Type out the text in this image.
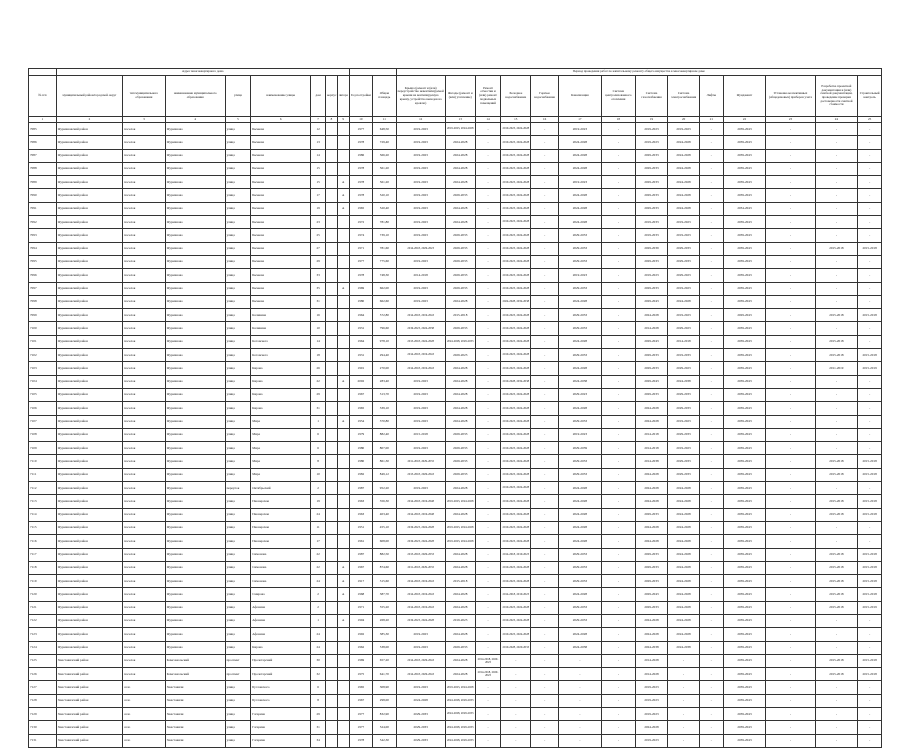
	Адрес многоквартирного дома										Период проведения работ по капитальному ремонту общего имущества в многоквартирном доме													
№ п/п	муниципальный район/городской округ	тип муниципального образования	наименование муниципального образования	улица	наименование улицы	дом	корпус	литера	Год постройки	Общая площадь	Крыша (ремонт и (или) переустройство невентилируемой крыши на вентилируемую крышу, устройство выходов на кровлю)	Фасады (ремонт и (или) утепление)	Ремонт отмостки и (или) ремонт подвальных помещений	Холодное водоснабжение	Горячее водоснабжение	Канализация	Система централизованного отопления	Система газоснабжения	Система электроснабжения	Лифты	Фундамент	Установка коллективных (общедомовых) приборов учета	Разработка проектной документации и (или) сметной документации, проведение проверки достоверности сметной стоимости	Строительный контроль
1	2	3	4	5	6	7	8	9	10	11	12	13	14	15	16	17	18	19	20	21	22	23	24	25
7085	Фурмановский район	поселок	Фурманово	улица	Бычкова	12			1977	648,50	2019-2023	2019-2023, 2024-2028	-	2019-2023, 2024-2028	-	2019-2023	-	2019-2023	2019-2023	-	2039-2043	-	-	-
7086	Фурмановский район	поселок	Фурманово	улица	Бычкова	13			1978	729,40	2019-2023	2024-2028	-	2019-2023, 2024-2028	-	2024-2028	-	2019-2023	2024-2028	-	2039-2043	-	-	-
7087	Фурмановский район	поселок	Фурманово	улица	Бычкова	14			1986	566,20	2019-2023	2024-2028	-	2019-2023, 2024-2028	-	2024-2028	-	2029-2033	2024-2028	-	2039-2043	-	-	-
7088	Фурмановский район	поселок	Фурманово	улица	Бычкова	15			1978	561,20	2019-2023	2024-2028	-	2019-2023, 2024-2028	-	2024-2028	-	2029-2033	2024-2028	-	2039-2043	-	-	-
7089	Фурмановский район	поселок	Фурманово	улица	Бычкова	15		А	1978	561,20	2019-2023	2024-2028	-	2019-2023, 2024-2028	-	2019-2023	-	2029-2033	2024-2028	-	2039-2043	-	-	-
7090	Фурмановский район	поселок	Фурманово	улица	Бычкова	17		А	1978	520,10	2019-2023	2029-2033	-	2019-2023, 2024-2028	-	2024-2028	-	2029-2033	2024-2028	-	2039-2043	-	-	-
7091	Фурмановский район	поселок	Фурманово	улица	Бычкова	19		А	1965	520,40	2019-2023	2024-2028	-	2019-2023, 2024-2028	-	2024-2028	-	2029-2033	2024-2028	-	2034-2043	-	-	-
7092	Фурмановский район	поселок	Фурманово	улица	Бычкова	23			1972	781,80	2019-2023	2024-2028	-	2019-2023, 2024-2028	-	2024-2028	-	2019-2033	2019-2023	-	2039-2043	-	-	-
7093	Фурмановский район	поселок	Фурманово	улица	Бычкова	25			1974	739,10	2019-2023	2029-2033	-	2019-2023, 2024-2028	-	2029-2033	-	2019-2033	2019-2023	-	2039-2043	-	-	-
7094	Фурмановский район	поселок	Фурманово	улица	Бычкова	27			1971	781,60	2014-2018, 2029-2023	2029-2033	-	2019-2023, 2024-2028	-	2029-2033	-	2029-2039	2029-2033	-	2039-2043	-	2015-2018	2015-2018
7095	Фурмановский район	поселок	Фурманово	улица	Бычкова	29			1977	775,60	2019-2023	2029-2033	-	2019-2023, 2024-2028	-	2029-2033	-	2029-2033	2029-2033	-	2039-2043	-	-	-
7096	Фурмановский район	поселок	Фурманово	улица	Бычкова	33			1978	748,30	2014-2018	2029-2033	-	2019-2023, 2024-2028	-	2019-2023	-	2019-2023	2029-2023	-	2039-2043	-	-	-
7097	Фурмановский район	поселок	Фурманово	улица	Бычкова	35		А	1969	662,00	2019-2023	2029-2033	-	2019-2023, 2024-2028	-	2029-2033	-	2029-2033	2019-2023	-	2039-2043	-	-	-
7098	Фурмановский район	поселок	Фурманово	улица	Бычкова	31			1980	662,60	2019-2023	2024-2028	-	2024-2028, 2034-2038	-	2024-2028	-	2029-2043	2024-2028	-	2039-2043	-	-	-
7099	Фурмановский район	поселок	Фурманово	улица	Калинина	16			1964	572,80	2014-2018, 2019-2043	2015-2018	-	2019-2023, 2024-2028	-	2029-2033	-	2024-2028	2019-2023	-	2029-2043	-	2015-2018	2015-2018
7100	Фурмановский район	поселок	Фурманово	улица	Калинина	10			1931	796,60	2019-2023, 2024-2038	2029-2033	-	2019-2023, 2024-2028	-	2029-2033	-	2014-2028	2029-2023	-	2039-2043	-	-	-
7101	Фурмановский район	поселок	Фурманово	улица	Котовского	14			1964	978,10	2015-2018, 2024-2028	2024-2028, 2029-2033	-	2019-2023, 2024-2028	-	2024-2028	-	2029-2043	2014-2018	-	2039-2043	-	2015-2018	-
7102	Фурмановский район	поселок	Фурманово	улица	Котовского	18			1931	294,40	2014-2018, 2019-2043	2029-2023	-	2019-2023, 2024-2028	-	2029-2033	-	2029-2033	2019-2033	-	2039-2043	-	2015-2018	2015-2018
7103	Фурмановский район	поселок	Фурманово	улица	Кирова	26			1901	270,00	2014-2018, 2019-2043	2024-2028	-	2019-2023, 2024-2028	-	2024-2028	-	2029-2033	2029-2023	-	2039-2043	-	2011-2019	2015-2019
7104	Фурмановский район	поселок	Фурманово	улица	Кирова	22		А	2002	283,40	2019-2023	2024-2028	-	2019-2028, 2034-2038	-	2024-2038	-	2029-2043	2024-2038	-	2039-2043	-	-	-
7105	Фурмановский район	поселок	Фурманово	улица	Кирова	29			1967	313,70	2019-2023	2024-2028	-	2019-2023, 2024-2028	-	2029-2023	-	2029-2033	2029-2033	-	2039-2043	-	-	-
7106	Фурмановский район	поселок	Фурманово	улица	Кирова	31			1965	339,10	2019-2023	2024-2028	-	2019-2023, 2024-2028	-	2024-2028	-	2024-2028	2029-2033	-	2039-2043	-	-	-
7107	Фурмановский район	поселок	Фурманово	улица	Мира	1		А	1954	370,80	2019-2023	2024-2028	-	2019-2023, 2024-2028	-	2029-2033	-	2024-2028	2019-2023	-	2039-2043	-	-	-
7108	Фурмановский район	поселок	Фурманово	улица	Мира	6			1979	882,40	2015-2018	2029-2033	-	2019-2023, 2024-2028	-	2019-2023	-	2014-2018	2029-2033	-	2039-2043	-	-	-
7109	Фурмановский район	поселок	Фурманово	улица	Мира	6			1980	807,00	2019-2023	2029-2033	-	2019-2023, 2024-2028	-	2029-2039	-	2014-2018	2019-2023	-	2039-2043	-	-	-
7110	Фурмановский район	поселок	Фурманово	улица	Мира	8			1980	861,30	2011-2018, 2029-2033	2029-2033	-	2019-2023, 2024-2028	-	2029-2033	-	2014-2038	2029-2033	-	2039-2043	-	2015-2018	2015-2018
7111	Фурмановский район	поселок	Фурманово	улица	Мира	10			1982	849,12	2015-2018, 2029-2043	2029-2033	-	2019-2023, 2024-2028	-	2029-2033	-	2024-2028	2029-2033	-	2039-2043	-	2015-2018	2015-2018
7112	Фурмановский район	поселок	Фурманово	переулок	Октябрьский	2			1987	952,20	2019-2023	2024-2028	-	2019-2023, 2024-2028	-	2024-2028	-	2024-2028	2024-2028	-	2039-2043	-	-	-
7113	Фурмановский район	поселок	Фурманово	улица	Пионерская	19			1963	356,30	2014-2018, 2019-2048	2019-2023, 2024-2028	-	2019-2023, 2024-2028	-	2024-2028	-	2024-2028	2024-2028	-	2039-2043	-	2015-2018	2015-2018
7114	Фурмановский район	поселок	Фурманово	улица	Пионерская	24			1963	403,40	2014-2018, 2019-2048	2024-2028	-	2019-2023, 2024-2028	-	2024-2028	-	2029-2033	2024-2028	-	2039-2043	-	2015-2018	2015-2018
7115	Фурмановский район	поселок	Фурманово	улица	Пионерская	11			1951	455,10	2019-2023, 2024-2028	2019-2023, 2024-2028	-	2019-2023, 2024-2028	-	2024-2028	-	2024-2028	2024-2028	-	2039-2043	-	-	-
7116	Фурмановский район	поселок	Фурманово	улица	Пионерская	17			1961	608,00	2019-2023, 2024-2028	2019-2023, 2024-2028	-	2019-2023, 2024-2028	-	2024-2028	-	2024-2028	2024-2028	-	2039-2043	-	-	-
7117	Фурмановский район	поселок	Фурманово	улица	Симонова	22			1987	882,50	2015-2018, 2029-2033	2024-2028	-	2014-2018, 2019-2023	-	2029-2033	-	2029-2033	2024-2028	-	2039-2043	-	2015-2018	2015-2018
7118	Фурмановский район	поселок	Фурманово	улица	Симонова	22		А	1967	874,60	2011-2018, 2029-2033	2024-2028	-	2019-2023, 2024-2028	-	2029-2033	-	2029-2033	2024-2028	-	2039-2043	-	2015-2018	2015-2018
7119	Фурмановский район	поселок	Фурманово	улица	Симонова	24		А	1917	315,60	2014-2018, 2019-2043	2015-2018	-	2019-2023, 2024-2028	-	2029-2033	-	2029-2033	2024-2028	-	2039-2043	-	2015-2018	2015-2018
7120	Фурмановский район	поселок	Фурманово	улица	Смирова	2		А	1968	387,70	2014-2018, 2019-2043	2024-2028	-	2014-2018, 2019-2023	-	2024-2028	-	2029-2043	2024-2028	-	2039-2043	-	2015-2018	2015-2018
7121	Фурмановский район	поселок	Фурманово	улица	Афонина	2			1971	555,20	2014-2018, 2019-2043	2024-2028	-	2019-2023, 2024-2028	-	2029-2033	-	2029-2033	2024-2028	-	2039-2043	-	2015-2018	2015-2019
7122	Фурмановский район	поселок	Фурманово	улица	Афонина	1		А	1904	268,20	2019-2023, 2024-2028	2019-2023	-	2019-2023, 2024-2028	-	2029-2033	-	2024-2028	2024-2028	-	2039-2043	-	-	-
7123	Фурмановский район	поселок	Фурманово	улица	Афонина	24			1992	385,30	2019-2023	2024-2028	-	2019-2023, 2024-2028	-	2024-2028	-	2024-2028	2024-2028	-	2039-2043	-	-	-
7124	Фурмановский район	поселок	Фурманово	улица	Кирова	24			1962	538,00	2019-2023	2029-2033	-	2019-2028, 2029-2033	-	2024-2038	-	2024-2038	2024-2038	-	2039-2043	-	-	-
7125	Хвастовичский район	поселок	Комсомольский	проспект	Пролетарский	30			1969	657,20	2014-2018, 2029-2043	2024-2028	2014-2018, 2029-2023	-	-	-	-	2014-2028	-	-	2039-2043	-	2015-2018	2015-2018
7126	Хвастовичский район	поселок	Комсомольский	проспект	Пролетарский	32			1975	641,70	2014-2018, 2029-2043	2024-2028	2014-2018, 2029-2023	-	-	-	-	2014-2028	-	-	2039-2043	-	2015-2018	2015-2018
7127	Хвастовичский район	село	Хвастовичи	улица	Бусловского	6			1965	308,90	2019-2023	2019-2023, 2024-2028	-	-	-	-	-	2019-2023	-	-	2039-2043	-	-	-
7128	Хвастовичский район	село	Хвастовичи	улица	Бусловского	8			1967	298,00	2024-2028	2024-2028, 2029-2033	-	-	-	-	-	2019-2023	-	-	2039-2043	-	-	-
7129	Хвастовичский район	село	Хвастовичи	улица	Гагарина	29			1977	832,90	2029-2033	2024-2028, 2029-2033	-	-	-	-	-	2019-2023	-	-	2039-2043	-	-	-
7130	Хвастовичский район	село	Хвастовичи	улица	Гагарина	31			1977	524,00	2029-2033	2024-2028, 2029-2033	-	-	-	-	-	2024-2028	-	-	2039-2043	-	-	-
7131	Хвастовичский район	село	Хвастовичи	улица	Гагарина	34			1978	542,30	2029-2033	2024-2028, 2029-2033	-	-	-	-	-	2019-2023	-	-	2039-2043	-	-	-
